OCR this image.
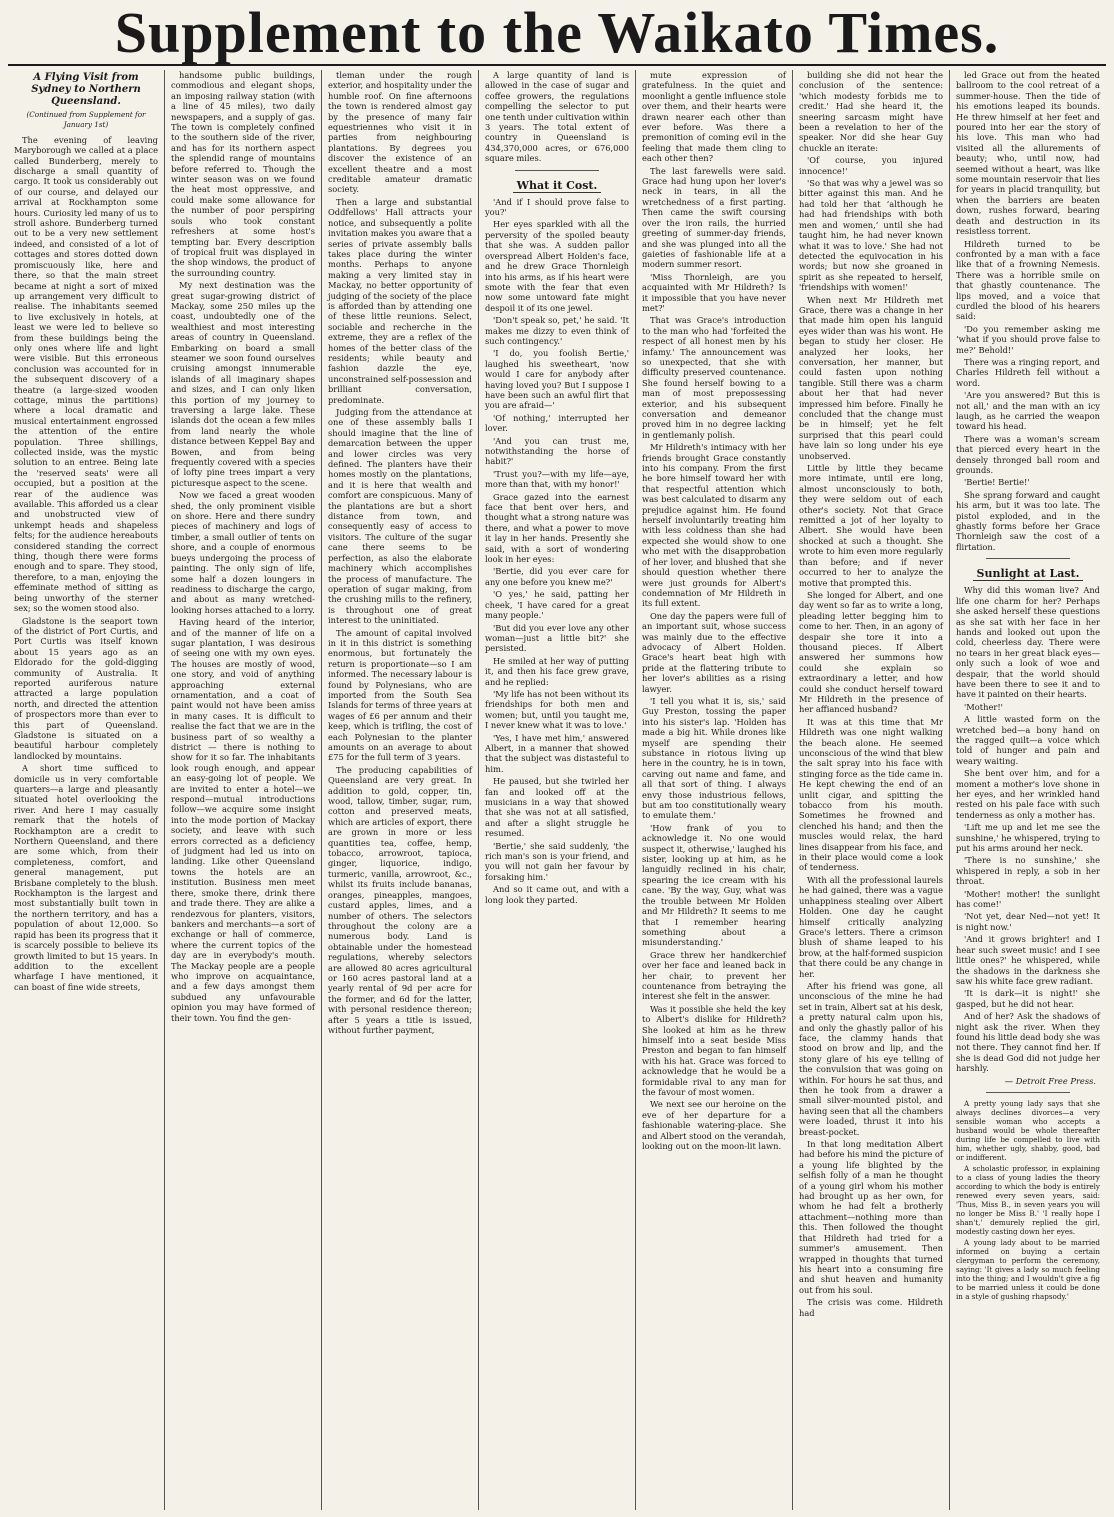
Supplement to the Waikato Times.
A Flying Visit from Sydney to Northern Queensland.
(Continued from Supplement for January 1st)

The evening of leaving Maryborough we called at a place called Bunderberg, merely to discharge a small quantity of cargo. It took us considerably out of our course, and delayed our arrival at Rockhampton some hours. Curiosity led many of us to stroll ashore. Bunderberg turned out to be a very new settlement indeed, and consisted of a lot of cottages and stores dotted down promiscuously like, here and there, so that the main street became at night a sort of mixed up arrangement very difficult to realise. The inhabitants seemed to live exclusively in hotels, at least we were led to believe so from these buildings being the only ones where life and light were visible. But this erroneous conclusion was accounted for in the subsequent discovery of a theatre (a large-sized wooden cottage, minus the partitions) where a local dramatic and musical entertainment engrossed the attention of the entire population. Three shillings, collected inside, was the mystic solution to an entree. Being late the 'reserved seats' were all occupied, but a position at the rear of the audience was available. This afforded us a clear and unobstructed view of unkempt heads and shapeless felts; for the audience hereabouts considered standing the correct thing, though there were forms enough and to spare. They stood, therefore, to a man, enjoying the effeminate method of sitting as being unworthy of the sterner sex; so the women stood also.

Gladstone is the seaport town of the district of Port Curtis, and Port Curtis was itself known about 15 years ago as an Eldorado for the gold-digging community of Australia. It reported auriferous nature attracted a large population north, and directed the attention of prospectors more than ever to this part of Queensland. Gladstone is situated on a beautiful harbour completely landlocked by mountains.

A short time sufficed to domicile us in very comfortable quarters—a large and pleasantly situated hotel overlooking the river. And here I may casually remark that the hotels of Rockhampton are a credit to Northern Queensland, and there are some which, from their completeness, comfort, and general management, put Brisbane completely to the blush. Rockhampton is the largest and most substantially built town in the northern territory, and has a population of about 12,000. So rapid has been its progress that it is scarcely possible to believe its growth limited to but 15 years. In addition to the excellent wharfage I have mentioned, it can boast of fine wide streets,

handsome public buildings, commodious and elegant shops, an imposing railway station (with a line of 45 miles), two daily newspapers, and a supply of gas. The town is completely confined to the southern side of the river, and has for its northern aspect the splendid range of mountains before referred to. Though the winter season was on we found the heat most oppressive, and could make some allowance for the number of poor perspiring souls who took constant refreshers at some host's tempting bar. Every description of tropical fruit was displayed in the shop windows, the product of the surrounding country.

My next destination was the great sugar-growing district of Mackay, some 250 miles up the coast, undoubtedly one of the wealthiest and most interesting areas of country in Queensland. Embarking on board a small steamer we soon found ourselves cruising amongst innumerable islands of all imaginary shapes and sizes, and I can only liken this portion of my journey to traversing a large lake. These islands dot the ocean a few miles from land nearly the whole distance between Keppel Bay and Bowen, and from being frequently covered with a species of lofty pine trees impart a very picturesque aspect to the scene.

Now we faced a great wooden shed, the only prominent visible on shore. Here and there sundry pieces of machinery and logs of timber, a small outlier of tents on shore, and a couple of enormous bueys undergoing the process of painting. The only sign of life, some half a dozen loungers in readiness to discharge the cargo, and about as many wretched-looking horses attached to a lorry.

Having heard of the interior, and of the manner of life on a sugar plantation, I was desirous of seeing one with my own eyes. The houses are mostly of wood, one story, and void of anything approaching external ornamentation, and a coat of paint would not have been amiss in many cases. It is difficult to realise the fact that we are in the business part of so wealthy a district — there is nothing to show for it so far. The inhabitants look rough enough, and appear an easy-going lot of people. We are invited to enter a hotel—we respond—mutual introductions follow—we acquire some insight into the mode portion of Mackay society, and leave with such errors corrected as a deficiency of judgment had led us into on landing. Like other Queensland towns the hotels are an institution. Business men meet there, smoke there, drink there and trade there. They are alike a rendezvous for planters, visitors, bankers and merchants—a sort of exchange or hall of commerce, where the current topics of the day are in everybody's mouth. The Mackay people are a people who improve on acquaintance, and a few days amongst them subdued any unfavourable opinion you may have formed of their town. You find the gen-

tleman under the rough exterior, and hospitality under the humble roof. On fine afternoons the town is rendered almost gay by the presence of many fair equestriennes who visit it in parties from neighbouring plantations. By degrees you discover the existence of an excellent theatre and a most creditable amateur dramatic society.

Then a large and substantial Oddfellows' Hall attracts your notice, and subsequently a polite invitation makes you aware that a series of private assembly balls takes place during the winter months. Perhaps to anyone making a very limited stay in Mackay, no better opportunity of judging of the society of the place is afforded than by attending one of these little reunions. Select, sociable and recherche in the extreme, they are a reflex of the homes of the better class of the residents; while beauty and fashion dazzle the eye, unconstrained self-possession and brilliant conversation, predominate.

Judging from the attendance at one of these assembly balls I should imagine that the line of demarcation between the upper and lower circles was very defined. The planters have their homes mostly on the plantations, and it is here that wealth and comfort are conspicuous. Many of the plantations are but a short distance from town, and consequently easy of access to visitors. The culture of the sugar cane there seems to be perfection, as also the elaborate machinery which accomplishes the process of manufacture. The operation of sugar making, from the crushing mills to the refinery, is throughout one of great interest to the uninitiated.

The amount of capital involved in it in this district is something enormous, but fortunately the return is proportionate—so I am informed. The necessary labour is found by Polynesians, who are imported from the South Sea Islands for terms of three years at wages of £6 per annum and their keep, which is trifling, the cost of each Polynesian to the planter amounts on an average to about £75 for the full term of 3 years.

The producing capabilities of Queensland are very great. In addition to gold, copper, tin, wood, tallow, timber, sugar, rum, cotton and preserved meats, which are articles of export, there are grown in more or less quantities tea, coffee, hemp, tobacco, arrowroot, tapioca, ginger, liquorice, indigo, turmeric, vanilla, arrowroot, &c., whilst its fruits include bananas, oranges, pineapples, mangoes, custard apples, limes, and a number of others. The selectors throughout the colony are a numerous body. Land is obtainable under the homestead regulations, whereby selectors are allowed 80 acres agricultural or 160 acres pastoral land at a yearly rental of 9d per acre for the former, and 6d for the latter, with personal residence thereon; after 5 years a title is issued, without further payment,

A large quantity of land is allowed in the case of sugar and coffee growers, the regulations compelling the selector to put one tenth under cultivation within 3 years. The total extent of country in Queensland is 434,370,000 acres, or 676,000 square miles.

What it Cost.

'And if I should prove false to you?'

Her eyes sparkled with all the perversity of the spoiled beauty that she was. A sudden pallor overspread Albert Holden's face, and he drew Grace Thornleigh into his arms, as if his heart were smote with the fear that even now some untoward fate might despoil it of its one jewel.

'Don't speak so, pet,' he said. 'It makes me dizzy to even think of such contingency.'

'I do, you foolish Bertie,' laughed his sweetheart, 'now would I care for anybody after having loved you? But I suppose I have been such an awful flirt that you are afraid—'

'Of nothing,' interrupted her lover.

'And you can trust me, notwithstanding the horse of habit?'

'Trust you?—with my life—aye, more than that, with my honor!'

Grace gazed into the earnest face that bent over hers, and thought what a strong nature was there, and what a power to move it lay in her hands. Presently she said, with a sort of wondering look in her eyes:

'Bertie, did you ever care for any one before you knew me?'

'O yes,' he said, patting her cheek, 'I have cared for a great many people.'

'But did you ever love any other woman—just a little bit?' she persisted.

He smiled at her way of putting it, and then his face grew grave, and he replied:

'My life has not been without its friendships for both men and women; but, until you taught me, I never knew what it was to love.'

'Yes, I have met him,' answered Albert, in a manner that showed that the subject was distasteful to him.

He paused, but she twirled her fan and looked off at the musicians in a way that showed that she was not at all satisfied, and after a slight struggle he resumed.

'Bertie,' she said suddenly, 'the rich man's son is your friend, and you will not gain her favour by forsaking him.'

And so it came out, and with a long look they parted.

mute expression of gratefulness. In the quiet and moonlight a gentle influence stole over them, and their hearts were drawn nearer each other than ever before. Was there a premonition of coming evil in the feeling that made them cling to each other then?

The last farewells were said. Grace had hung upon her lover's neck in tears, in all the wretchedness of a first parting. Then came the swift coursing over the iron rails, the hurried greeting of summer-day friends, and she was plunged into all the gaieties of fashionable life at a modern summer resort.

'Miss Thornleigh, are you acquainted with Mr Hildreth? Is it impossible that you have never met?'

That was Grace's introduction to the man who had 'forfeited the respect of all honest men by his infamy.' The announcement was so unexpected, that she with difficulty preserved countenance. She found herself bowing to a man of most prepossessing exterior, and his subsequent conversation and demeanor proved him in no degree lacking in gentlemanly polish.

Mr Hildreth's intimacy with her friends brought Grace constantly into his company. From the first he bore himself toward her with that respectful attention which was best calculated to disarm any prejudice against him. He found herself involuntarily treating him with less coldness than she had expected she would show to one who met with the disapprobation of her lover, and blushed that she should question whether there were just grounds for Albert's condemnation of Mr Hildreth in its full extent.

One day the papers were full of an important suit, whose success was mainly due to the effective advocacy of Albert Holden. Grace's heart beat high with pride at the flattering tribute to her lover's abilities as a rising lawyer.

'I tell you what it is, sis,' said Guy Preston, tossing the paper into his sister's lap. 'Holden has made a big hit. While drones like myself are spending their substance in riotous living up here in the country, he is in town, carving out name and fame, and all that sort of thing. I always envy those industrious fellows, but am too constitutionally weary to emulate them.'

'How frank of you to acknowledge it. No one would suspect it, otherwise,' laughed his sister, looking up at him, as he languidly reclined in his chair, spearing the ice cream with his cane. 'By the way, Guy, what was the trouble between Mr Holden and Mr Hildreth? It seems to me that I remember hearing something about a misunderstanding.'

Grace threw her handkerchief over her face and leaned back in her chair, to prevent her countenance from betraying the interest she felt in the answer.

Was it possible she held the key to Albert's dislike for Hildreth? She looked at him as he threw himself into a seat beside Miss Preston and began to fan himself with his hat. Grace was forced to acknowledge that he would be a formidable rival to any man for the favour of most women.

We next see our heroine on the eve of her departure for a fashionable watering-place. She and Albert stood on the verandah, looking out on the moon-lit lawn.

building she did not hear the conclusion of the sentence: 'which modesty forbids me to credit.' Had she heard it, the sneering sarcasm might have been a revelation to her of the speaker. Nor did she hear Guy chuckle an iterate:

'Of course, you injured innocence!'

'So that was why a jewel was so bitter against this man. And he had told her that ‘although he had had friendships with both men and women,’ until she had taught him, he had never known what it was to love.' She had not detected the equivocation in his words; but now she groaned in spirit as she repeated to herself, 'friendships with women!'

When next Mr Hildreth met Grace, there was a change in her that made him open his languid eyes wider than was his wont. He began to study her closer. He analyzed her looks, her conversation, her manner, but could fasten upon nothing tangible. Still there was a charm about her that had never impressed him before. Finally he concluded that the change must be in himself; yet he felt surprised that this pearl could have lain so long under his eye unobserved.

Little by little they became more intimate, until ere long, almost unconsciously to both, they were seldom out of each other's society. Not that Grace remitted a jot of her loyalty to Albert. She would have been shocked at such a thought. She wrote to him even more regularly than before; and if never occurred to her to analyze the motive that prompted this.

She longed for Albert, and one day went so far as to write a long, pleading letter begging him to come to her. Then, in an agony of despair she tore it into a thousand pieces. If Albert answered her summons how could she explain so extraordinary a letter, and how could she conduct herself toward Mr Hildreth in the presence of her affianced husband?

It was at this time that Mr Hildreth was one night walking the beach alone. He seemed unconscious of the wind that blew the salt spray into his face with stinging force as the tide came in. He kept chewing the end of an unlit cigar, and spitting the tobacco from his mouth. Sometimes he frowned and clenched his hand; and then the muscles would relax, the hard lines disappear from his face, and in their place would come a look of tenderness.

With all the professional laurels he had gained, there was a vague unhappiness stealing over Albert Holden. One day he caught himself critically analyzing Grace's letters. There a crimson blush of shame leaped to his brow, at the half-formed suspicion that there could be any change in her.

After his friend was gone, all unconscious of the mine he had set in train, Albert sat at his desk, a pretty natural calm upon his, and only the ghastly pallor of his face, the clammy hands that stood on brow and lip, and the stony glare of his eye telling of the convulsion that was going on within. For hours he sat thus, and then he took from a drawer a small silver-mounted pistol, and having seen that all the chambers were loaded, thrust it into his breast-pocket.

In that long meditation Albert had before his mind the picture of a young life blighted by the selfish folly of a man he thought of a young girl whom his mother had brought up as her own, for whom he had felt a brotherly attachment—nothing more than this. Then followed the thought that Hildreth had tried for a summer's amusement. Then wrapped in thoughts that turned his heart into a consuming fire and shut heaven and humanity out from his soul.

The crisis was come. Hildreth had

led Grace out from the heated ballroom to the cool retreat of a summer-house. Then the tide of his emotions leaped its bounds. He threw himself at her feet and poured into her ear the story of his love. This man who had visited all the allurements of beauty; who, until now, had seemed without a heart, was like some mountain reservoir that lies for years in placid tranquility, but when the barriers are beaten down, rushes forward, bearing death and destruction in its resistless torrent.

Hildreth turned to be confronted by a man with a face like that of a frowning Nemesis. There was a horrible smile on that ghastly countenance. The lips moved, and a voice that curdled the blood of his hearers said:

'Do you remember asking me ‘what if you should prove false to me?’ Behold!'

There was a ringing report, and Charles Hildreth fell without a word.

'Are you answered? But this is not all,' and the man with an icy laugh, as he carried the weapon toward his head.

There was a woman's scream that pierced every heart in the densely thronged ball room and grounds.

'Bertie! Bertie!'

She sprang forward and caught his arm, but it was too late. The pistol exploded, and in the ghastly forms before her Grace Thornleigh saw the cost of a flirtation.

Sunlight at Last.

Why did this woman live? And life one charm for her? Perhaps she asked herself these questions as she sat with her face in her hands and looked out upon the cold, cheerless day. There were no tears in her great black eyes—only such a look of woe and despair, that the world should have been there to see it and to have it painted on their hearts.

'Mother!'

A little wasted form on the wretched bed—a bony hand on the ragged quilt—a voice which told of hunger and pain and weary waiting.

She bent over him, and for a moment a mother's love shone in her eyes, and her wrinkled hand rested on his pale face with such tenderness as only a mother has.

'Lift me up and let me see the sunshine,' he whispered, trying to put his arms around her neck.

'There is no sunshine,' she whispered in reply, a sob in her throat.

'Mother! mother! the sunlight has come!'

'Not yet, dear Ned—not yet! It is night now.'

'And it grows brighter! and I hear such sweet music! and I see little ones?' he whispered, while the shadows in the darkness she saw his white face grew radiant.

'It is dark—it is night!' she gasped, but he did not hear.

And of her? Ask the shadows of night ask the river. When they found his little dead body she was not there. They cannot find her. If she is dead God did not judge her harshly.

— Detroit Free Press.

A pretty young lady says that she always declines divorces—a very sensible woman who accepts a husband would be whole thereafter during life be compelled to live with him, whether ugly, shabby, good, bad or indifferent.

A scholastic professor, in explaining to a class of young ladies the theory according to which the body is entirely renewed every seven years, said: 'Thus, Miss B., in seven years you will no longer be Miss B.' 'I really hope I shan't,' demurely replied the girl, modestly casting down her eyes.

A young lady about to be married informed on buying a certain clergyman to perform the ceremony, saying: 'It gives a lady so much feeling into the thing; and I wouldn't give a fig to be married unless it could be done in a style of gushing rhapsody.'
